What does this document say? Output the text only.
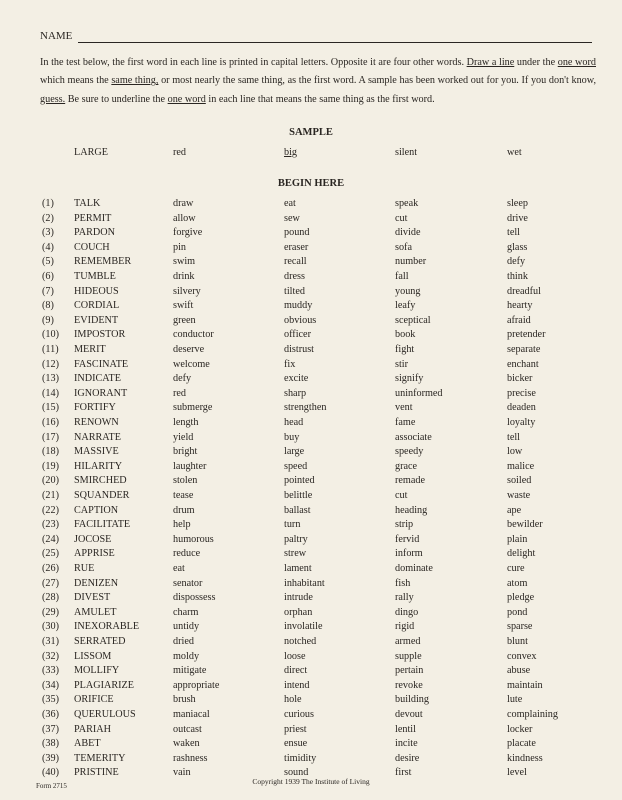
NAME
In the test below, the first word in each line is printed in capital letters. Opposite it are four other words. Draw a line under the one word which means the same thing, or most nearly the same thing, as the first word. A sample has been worked out for you. If you don't know, guess. Be sure to underline the one word in each line that means the same thing as the first word.
SAMPLE
LARGE	red	big	silent	wet
BEGIN HERE
(1) TALK	draw	eat	speak	sleep
(2) PERMIT	allow	sew	cut	drive
(3) PARDON	forgive	pound	divide	tell
(4) COUCH	pin	eraser	sofa	glass
(5) REMEMBER	swim	recall	number	defy
(6) TUMBLE	drink	dress	fall	think
(7) HIDEOUS	silvery	tilted	young	dreadful
(8) CORDIAL	swift	muddy	leafy	hearty
(9) EVIDENT	green	obvious	sceptical	afraid
(10) IMPOSTOR	conductor	officer	book	pretender
(11) MERIT	deserve	distrust	fight	separate
(12) FASCINATE	welcome	fix	stir	enchant
(13) INDICATE	defy	excite	signify	bicker
(14) IGNORANT	red	sharp	uninformed	precise
(15) FORTIFY	submerge	strengthen	vent	deaden
(16) RENOWN	length	head	fame	loyalty
(17) NARRATE	yield	buy	associate	tell
(18) MASSIVE	bright	large	speedy	low
(19) HILARITY	laughter	speed	grace	malice
(20) SMIRCHED	stolen	pointed	remade	soiled
(21) SQUANDER	tease	belittle	cut	waste
(22) CAPTION	drum	ballast	heading	ape
(23) FACILITATE	help	turn	strip	bewilder
(24) JOCOSE	humorous	paltry	fervid	plain
(25) APPRISE	reduce	strew	inform	delight
(26) RUE	eat	lament	dominate	cure
(27) DENIZEN	senator	inhabitant	fish	atom
(28) DIVEST	dispossess	intrude	rally	pledge
(29) AMULET	charm	orphan	dingo	pond
(30) INEXORABLE	untidy	involatile	rigid	sparse
(31) SERRATED	dried	notched	armed	blunt
(32) LISSOM	moldy	loose	supple	convex
(33) MOLLIFY	mitigate	direct	pertain	abuse
(34) PLAGIARIZE	appropriate	intend	revoke	maintain
(35) ORIFICE	brush	hole	building	lute
(36) QUERULOUS	maniacal	curious	devout	complaining
(37) PARIAH	outcast	priest	lentil	locker
(38) ABET	waken	ensue	incite	placate
(39) TEMERITY	rashness	timidity	desire	kindness
(40) PRISTINE	vain	sound	first	level
Form 2715	Copyright 1939 The Institute of Living
